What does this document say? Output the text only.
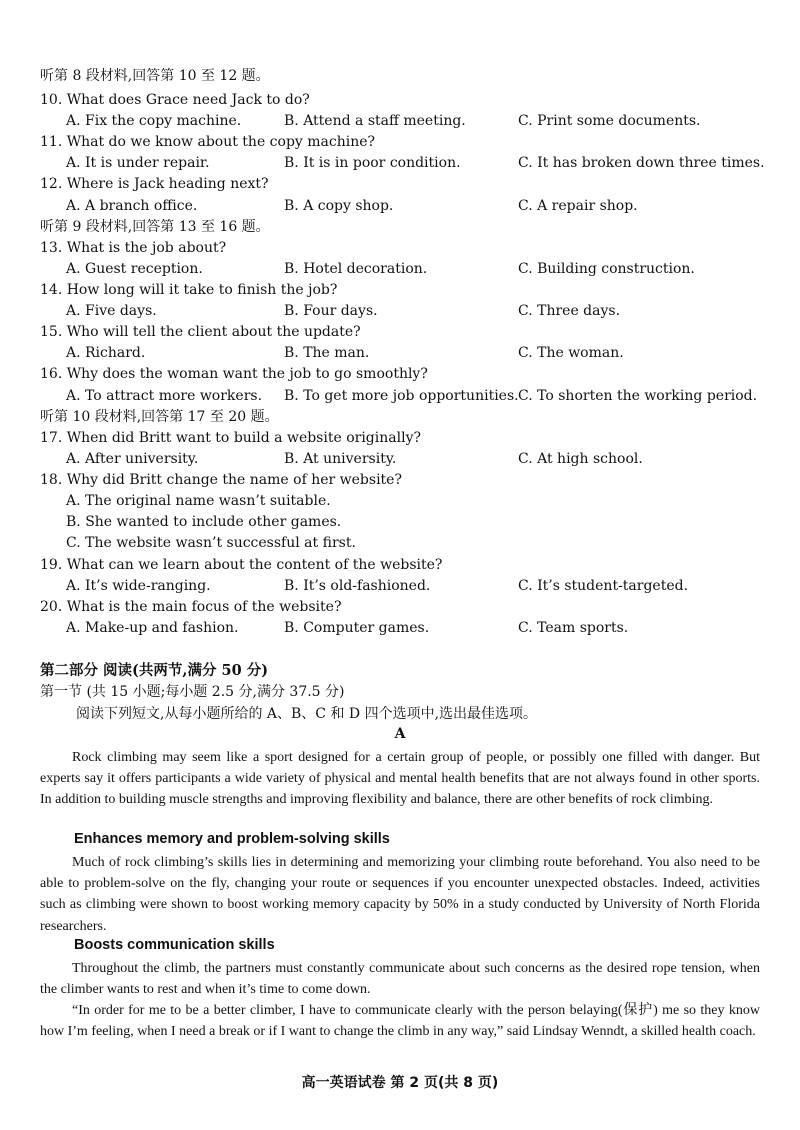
听第 8 段材料,回答第 10 至 12 题。
10. What does Grace need Jack to do?
A. Fix the copy machine.	B. Attend a staff meeting.	C. Print some documents.
11. What do we know about the copy machine?
A. It is under repair.	B. It is in poor condition.	C. It has broken down three times.
12. Where is Jack heading next?
A. A branch office.	B. A copy shop.	C. A repair shop.
听第 9 段材料,回答第 13 至 16 题。
13. What is the job about?
A. Guest reception.	B. Hotel decoration.	C. Building construction.
14. How long will it take to finish the job?
A. Five days.	B. Four days.	C. Three days.
15. Who will tell the client about the update?
A. Richard.	B. The man.	C. The woman.
16. Why does the woman want the job to go smoothly?
A. To attract more workers. B. To get more job opportunities. C. To shorten the working period.
听第 10 段材料,回答第 17 至 20 题。
17. When did Britt want to build a website originally?
A. After university.	B. At university.	C. At high school.
18. Why did Britt change the name of her website?
A. The original name wasn’t suitable.
B. She wanted to include other games.
C. The website wasn’t successful at first.
19. What can we learn about the content of the website?
A. It’s wide-ranging.	B. It’s old-fashioned.	C. It’s student-targeted.
20. What is the main focus of the website?
A. Make-up and fashion.	B. Computer games.	C. Team sports.
第二部分 阅读(共两节,满分 50 分)
第一节 (共 15 小题;每小题 2.5 分,满分 37.5 分)
阅读下列短文,从每小题所给的 A、B、C 和 D 四个选项中,选出最佳选项。
A
Rock climbing may seem like a sport designed for a certain group of people, or possibly one filled with danger. But experts say it offers participants a wide variety of physical and mental health benefits that are not always found in other sports. In addition to building muscle strengths and improving flexibility and balance, there are other benefits of rock climbing.
Enhances memory and problem-solving skills
Much of rock climbing’s skills lies in determining and memorizing your climbing route beforehand. You also need to be able to problem-solve on the fly, changing your route or sequences if you encounter unexpected obstacles. Indeed, activities such as climbing were shown to boost working memory capacity by 50% in a study conducted by University of North Florida researchers.
Boosts communication skills
Throughout the climb, the partners must constantly communicate about such concerns as the desired rope tension, when the climber wants to rest and when it’s time to come down.
“In order for me to be a better climber, I have to communicate clearly with the person belaying(保护) me so they know how I’m feeling, when I need a break or if I want to change the climb in any way,” said Lindsay Wenndt, a skilled health coach.
高一英语试卷 第 2 页(共 8 页)
